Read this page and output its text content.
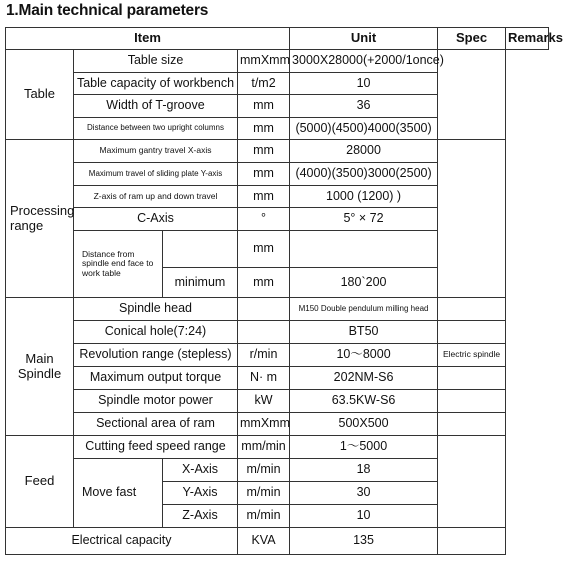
1.Main technical parameters
Item				Unit	Spec	Remarks
Table	Table size		mmXmm	3000X28000(+2000/1once)		
	Table capacity of workbench		t/m2	10		
	Width of T-groove		mm	36		
	Distance between two upright columns		mm	(5000)(4500)4000(3500)		
Processing range	Maximum gantry travel X-axis		mm	28000		
	Maximum travel of sliding plate Y-axis		mm	(4000)(3500)3000(2500)		
	Z-axis of ram up and down travel		mm	1000 (1200) )		
	C-Axis		°	5° × 72		
	Distance from spindle end face to work table		mm			
		minimum	mm	180`200		
Main Spindle	Spindle head			M150 Double pendulum milling head		
	Conical hole(7:24)			BT50		
	Revolution range (stepless)		r/min	10～8000	Electric spindle	
	Maximum output torque		N· m	202NM-S6		
	Spindle motor power		kW	63.5KW-S6		
	Sectional area of ram		mmXmm	500X500		
Feed	Cutting feed speed range		mm/min	1～5000		
	Move fast	X-Axis	m/min	18		
		Y-Axis	m/min	30		
		Z-Axis	m/min	10		
Electrical capacity			KVA	135		
